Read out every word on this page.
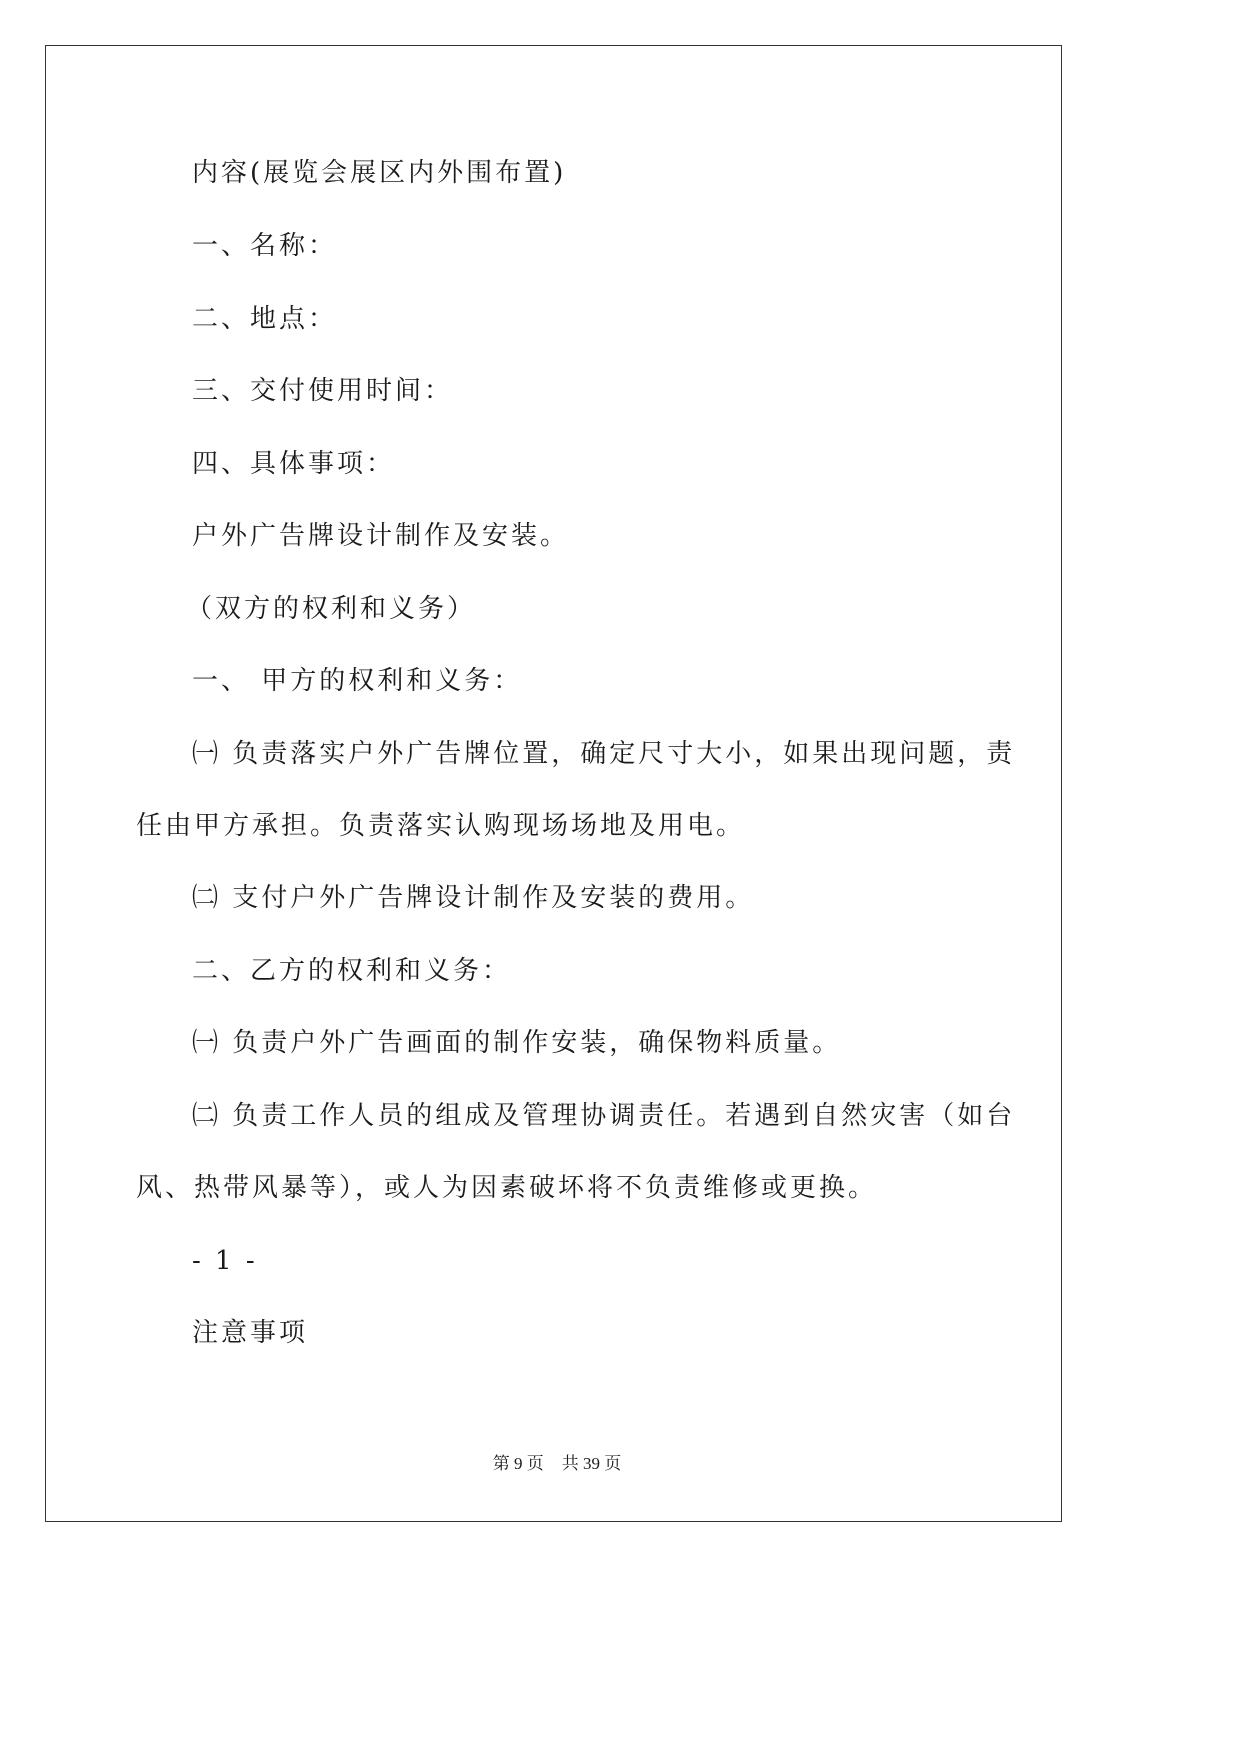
内容(展览会展区内外围布置)
一、名称：
二、地点：
三、交付使用时间：
四、具体事项：
户外广告牌设计制作及安装。
（双方的权利和义务）
一、 甲方的权利和义务：
㈠ 负责落实户外广告牌位置，确定尺寸大小，如果出现问题，责
任由甲方承担。负责落实认购现场场地及用电。
㈡ 支付户外广告牌设计制作及安装的费用。
二、乙方的权利和义务：
㈠ 负责户外广告画面的制作安装，确保物料质量。
㈡ 负责工作人员的组成及管理协调责任。若遇到自然灾害（如台
风、热带风暴等），或人为因素破坏将不负责维修或更换。
- 1 -
注意事项
第 9 页 共 39 页
